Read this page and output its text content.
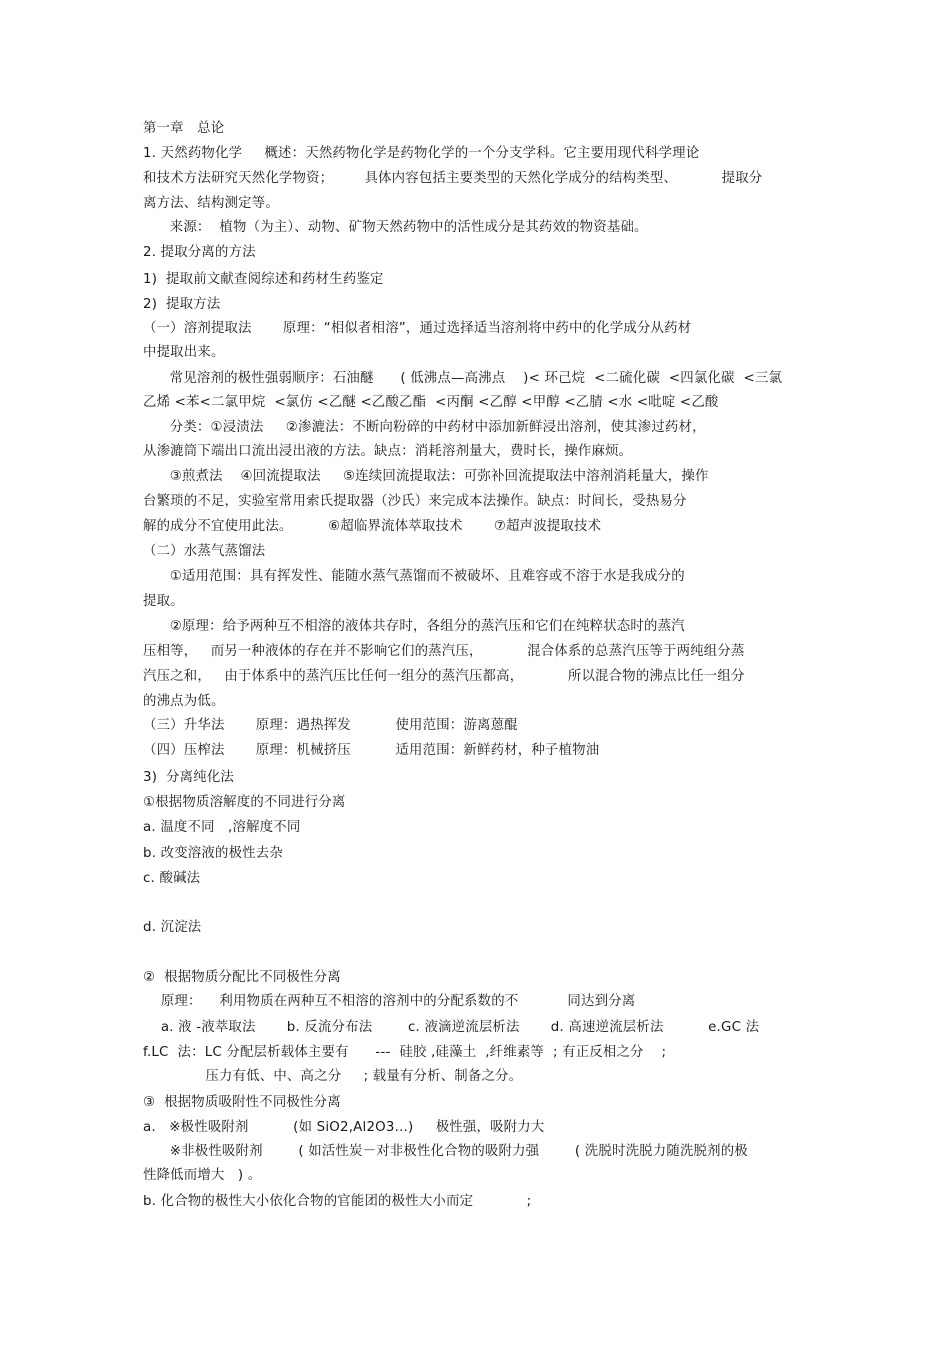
第一章   总论
1. 天然药物化学     概述：天然药物化学是药物化学的一个分支学科。它主要用现代科学理论
和技术方法研究天然化学物资；       具体内容包括主要类型的天然化学成分的结构类型、          提取分
离方法、结构测定等。
来源：  植物（为主）、动物、矿物天然药物中的活性成分是其药效的物资基础。
2. 提取分离的方法
1)  提取前文献查阅综述和药材生药鉴定
2)  提取方法
（一）溶剂提取法       原理：“相似者相溶”，通过选择适当溶剂将中药中的化学成分从药材
中提取出来。
常见溶剂的极性强弱顺序：石油醚      ( 低沸点—高沸点    )< 环己烷  <二硫化碳  <四氯化碳  <三氯
乙烯 <苯<二氯甲烷  <氯仿 <乙醚 <乙酸乙酯  <丙酮 <乙醇 <甲醇 <乙腈 <水 <吡啶 <乙酸
分类：①浸渍法     ②渗漉法：不断向粉碎的中药材中添加新鲜浸出溶剂，使其渗过药材，
从渗漉筒下端出口流出浸出液的方法。缺点：消耗溶剂量大，费时长，操作麻烦。
③煎煮法    ④回流提取法     ⑤连续回流提取法：可弥补回流提取法中溶剂消耗量大，操作
台繁琐的不足，实验室常用索氏提取器（沙氏）来完成本法操作。缺点：时间长，受热易分
解的成分不宜使用此法。        ⑥超临界流体萃取技术       ⑦超声波提取技术
（二）水蒸气蒸馏法
①适用范围：具有挥发性、能随水蒸气蒸馏而不被破坏、且难容或不溶于水是我成分的
提取。
②原理：给予两种互不相溶的液体共存时，各组分的蒸汽压和它们在纯粹状态时的蒸汽
压相等，   而另一种液体的存在并不影响它们的蒸汽压，          混合体系的总蒸汽压等于两纯组分蒸
汽压之和，   由于体系中的蒸汽压比任何一组分的蒸汽压都高，          所以混合物的沸点比任一组分
的沸点为低。
（三）升华法       原理：遇热挥发          使用范围：游离蒽醌
（四）压榨法       原理：机械挤压          适用范围：新鲜药材，种子植物油
3)  分离纯化法
①根据物质溶解度的不同进行分离
a. 温度不同   ,溶解度不同
b. 改变溶液的极性去杂
c. 酸碱法
d. 沉淀法
②  根据物质分配比不同极性分离
原理：    利用物质在两种互不相溶的溶剂中的分配系数的不           同达到分离
a. 液 -液萃取法       b. 反流分布法        c. 液滴逆流层析法       d. 高速逆流层析法          e.GC 法
f.LC  法：LC 分配层析载体主要有      ---  硅胶 ,硅藻土  ,纤维素等  ; 有正反相之分    ;
压力有低、中、高之分     ; 载量有分析、制备之分。
③  根据物质吸附性不同极性分离
a.   ※极性吸附剂          (如 SiO2,Al2O3...)     极性强，吸附力大
※非极性吸附剂        ( 如活性炭－对非极性化合物的吸附力强        ( 洗脱时洗脱力随洗脱剂的极
性降低而增大   ) 。
b. 化合物的极性大小依化合物的官能团的极性大小而定            ;
